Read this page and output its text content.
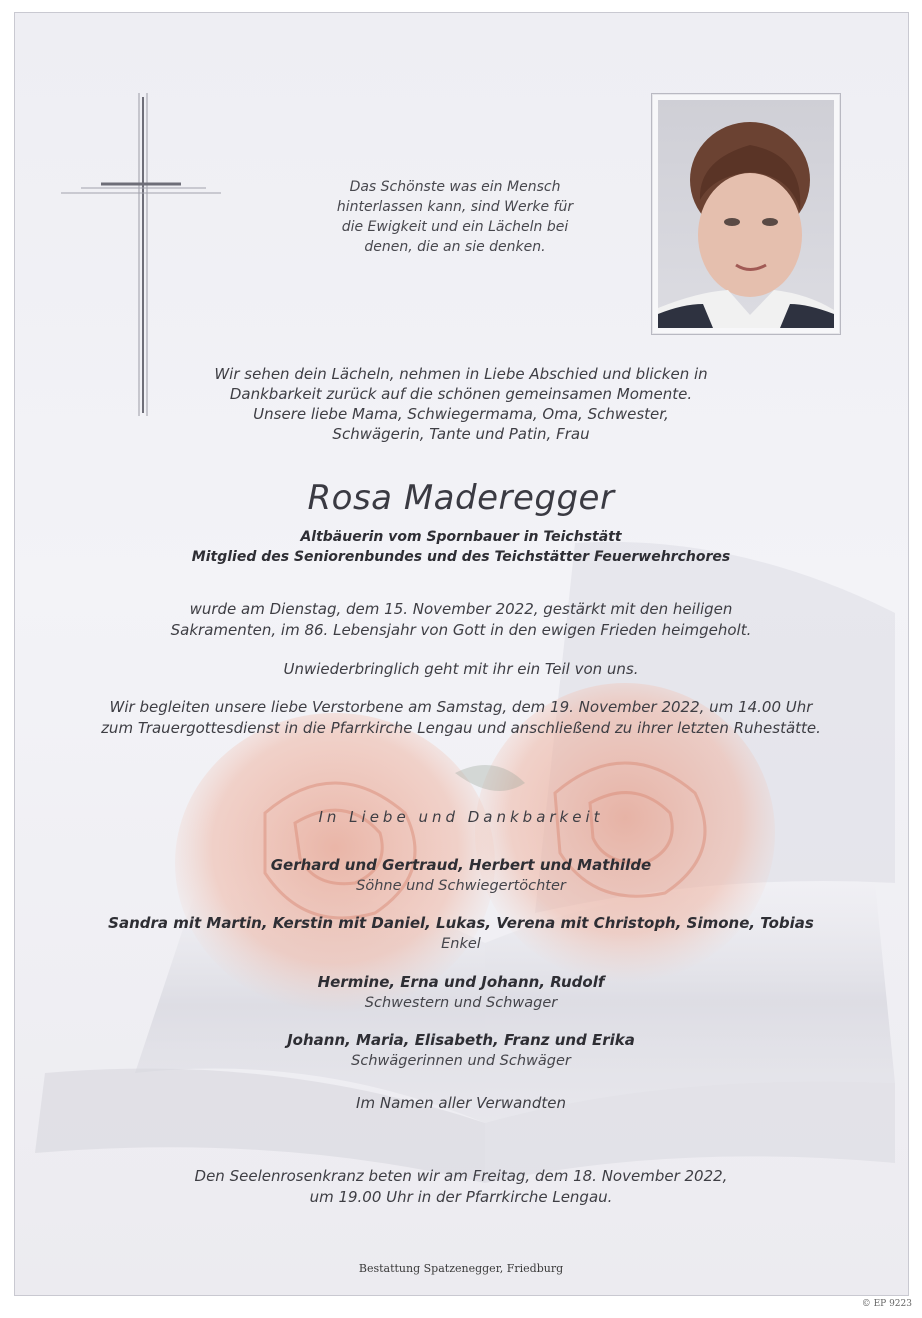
Das Schönste was ein Mensch
hinterlassen kann, sind Werke für
die Ewigkeit und ein Lächeln bei
denen, die an sie denken.
Wir sehen dein Lächeln, nehmen in Liebe Abschied und blicken in
Dankbarkeit zurück auf die schönen gemeinsamen Momente.
Unsere liebe Mama, Schwiegermama, Oma, Schwester,
Schwägerin, Tante und Patin, Frau
Rosa Maderegger
Altbäuerin vom Spornbauer in Teichstätt
Mitglied des Seniorenbundes und des Teichstätter Feuerwehrchores
wurde am Dienstag, dem 15. November 2022, gestärkt mit den heiligen
Sakramenten, im 86. Lebensjahr von Gott in den ewigen Frieden heimgeholt.
Unwiederbringlich geht mit ihr ein Teil von uns.
Wir begleiten unsere liebe Verstorbene am Samstag, dem 19. November 2022, um 14.00 Uhr
zum Trauergottesdienst in die Pfarrkirche Lengau und anschließend zu ihrer letzten Ruhestätte.
In Liebe und Dankbarkeit
Gerhard und Gertraud, Herbert und Mathilde
Söhne und Schwiegertöchter
Sandra mit Martin, Kerstin mit Daniel, Lukas, Verena mit Christoph, Simone, Tobias
Enkel
Hermine, Erna und Johann, Rudolf
Schwestern und Schwager
Johann, Maria, Elisabeth, Franz und Erika
Schwägerinnen und Schwäger
Im Namen aller Verwandten
Den Seelenrosenkranz beten wir am Freitag, dem 18. November 2022,
um 19.00 Uhr in der Pfarrkirche Lengau.
Bestattung Spatzenegger, Friedburg
© EP 9223
